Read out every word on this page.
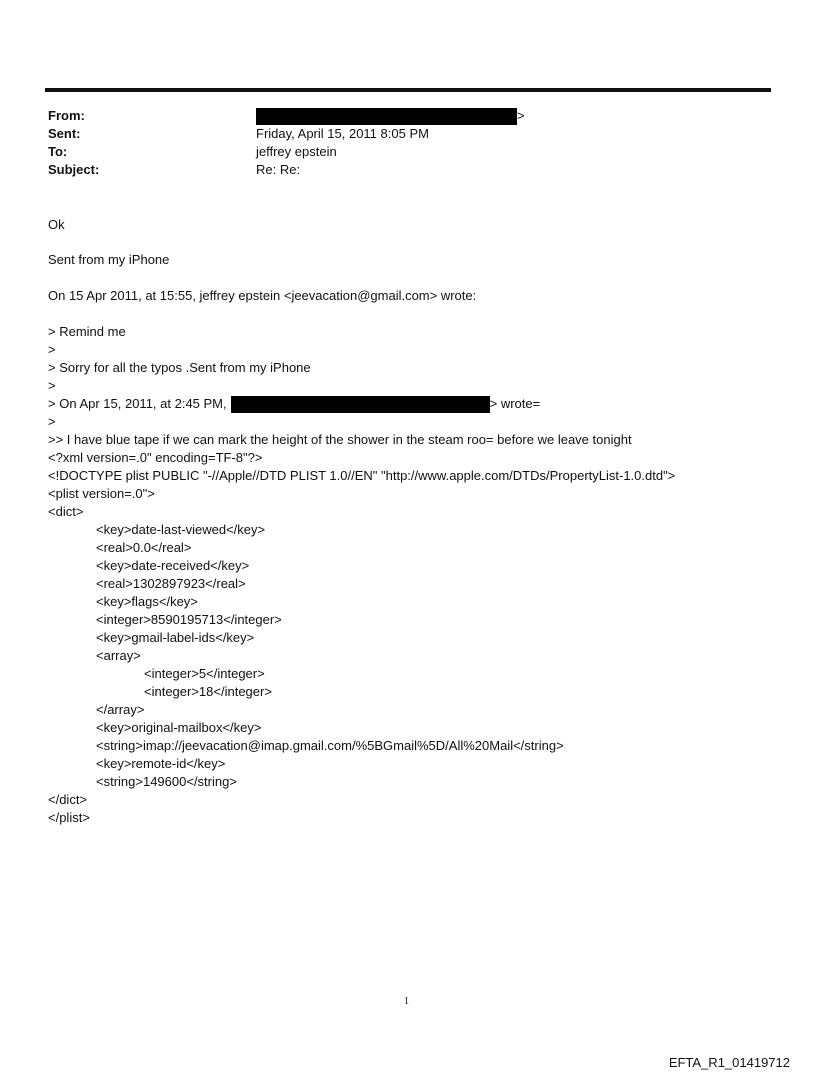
From:	>
Sent:	Friday, April 15, 2011 8:05 PM
To:	jeffrey epstein
Subject:	Re: Re:
Ok
Sent from my iPhone
On 15 Apr 2011, at 15:55, jeffrey epstein <jeevacation@gmail.com> wrote:
> Remind me
>
> Sorry for all the typos .Sent from my iPhone
>
> On Apr 15, 2011, at 2:45 PM,	> wrote=
>
>> I have blue tape if we can mark the height of the shower in the steam roo= before we leave tonight
<?xml version=.0" encoding=TF-8"?>
<!DOCTYPE plist PUBLIC "-//Apple//DTD PLIST 1.0//EN" "http://www.apple.com/DTDs/PropertyList-1.0.dtd">
<plist version=.0">
<dict>
<key>date-last-viewed</key>
<real>0.0</real>
<key>date-received</key>
<real>1302897923</real>
<key>flags</key>
<integer>8590195713</integer>
<key>gmail-label-ids</key>
<array>
<integer>5</integer>
<integer>18</integer>
</array>
<key>original-mailbox</key>
<string>imap://jeevacation@imap.gmail.com/%5BGmail%5D/All%20Mail</string>
<key>remote-id</key>
<string>149600</string>
</dict>
</plist>
1
EFTA_R1_01419712
